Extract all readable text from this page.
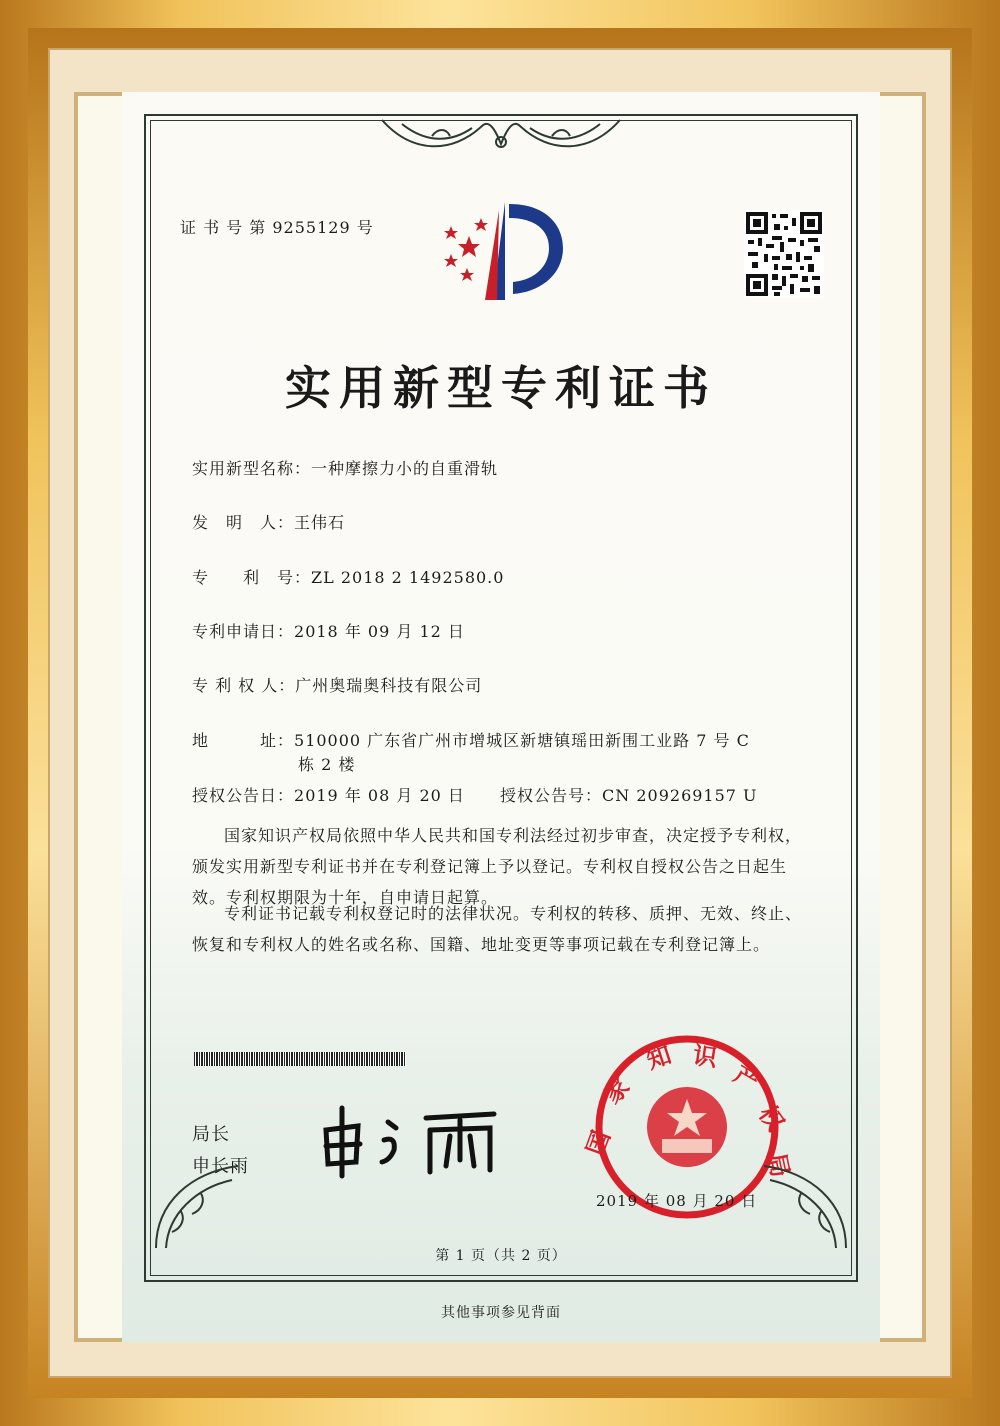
证 书 号 第 9255129 号
实用新型专利证书
实用新型名称：一种摩擦力小的自重滑轨
发　明　人：王伟石
专　　利　号：ZL 2018 2 1492580.0
专利申请日：2018 年 09 月 12 日
专 利 权 人：广州奥瑞奥科技有限公司
地　　　址：510000 广东省广州市增城区新塘镇瑶田新围工业路 7 号 C
栋 2 楼
授权公告日：2019 年 08 月 20 日 授权公告号：CN 209269157 U
国家知识产权局依照中华人民共和国专利法经过初步审查，决定授予专利权，颁发实用新型专利证书并在专利登记簿上予以登记。专利权自授权公告之日起生效。专利权期限为十年，自申请日起算。
专利证书记载专利权登记时的法律状况。专利权的转移、质押、无效、终止、恢复和专利权人的姓名或名称、国籍、地址变更等事项记载在专利登记簿上。
局长
申长雨
国
家
知 识
产
权
局
2019 年 08 月 20 日
第 1 页（共 2 页）
其他事项参见背面
